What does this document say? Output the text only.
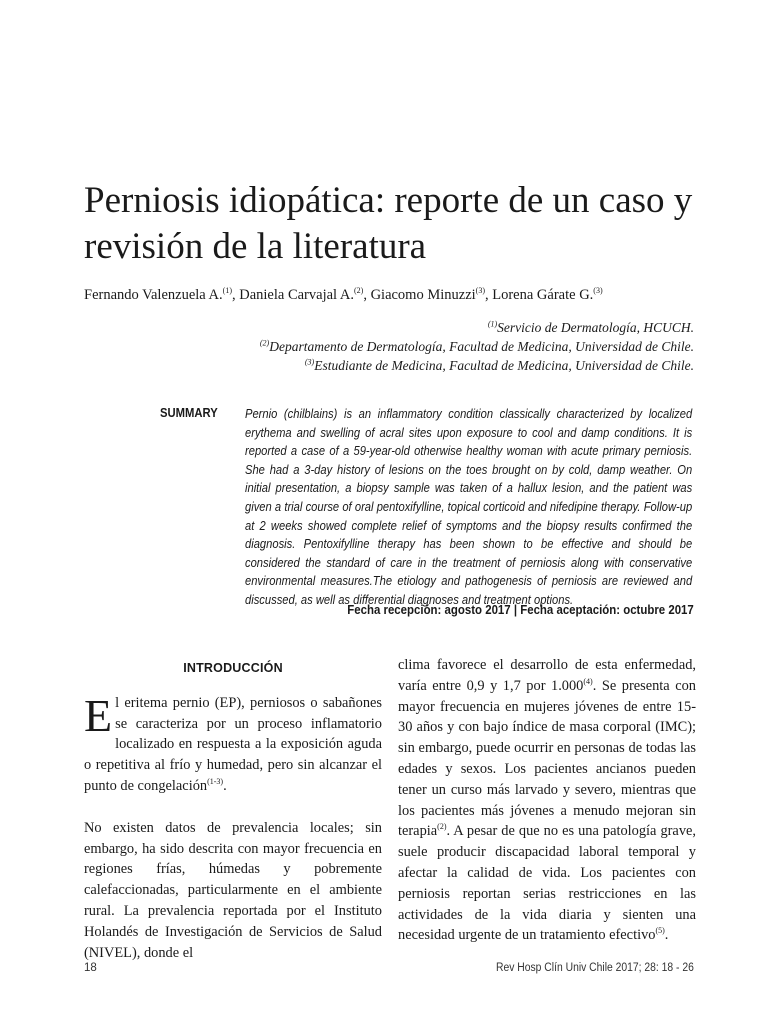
Perniosis idiopática: reporte de un caso y revisión de la literatura
Fernando Valenzuela A.$^{(1)}$, Daniela Carvajal A.$^{(2)}$, Giacomo Minuzzi$^{(3)}$, Lorena Gárate G.$^{(3)}$
$^{(1)}$Servicio de Dermatología, HCUCH.
$^{(2)}$Departamento de Dermatología, Facultad de Medicina, Universidad de Chile.
$^{(3)}$Estudiante de Medicina, Facultad de Medicina, Universidad de Chile.
SUMMARY Pernio (chilblains) is an inflammatory condition classically characterized by localized erythema and swelling of acral sites upon exposure to cool and damp conditions. It is reported a case of a 59-year-old otherwise healthy woman with acute primary perniosis. She had a 3-day history of lesions on the toes brought on by cold, damp weather. On initial presentation, a biopsy sample was taken of a hallux lesion, and the patient was given a trial course of oral pentoxifylline, topical corticoid and nifedipine therapy. Follow-up at 2 weeks showed complete relief of symptoms and the biopsy results confirmed the diagnosis. Pentoxifylline therapy has been shown to be effective and should be considered the standard of care in the treatment of perniosis along with conservative environmental measures.The etiology and pathogenesis of perniosis are reviewed and discussed, as well as differential diagnoses and treatment options.
Fecha recepción: agosto 2017 | Fecha aceptación: octubre 2017
INTRODUCCIÓN

El eritema pernio (EP), perniosos o sabañones se caracteriza por un proceso inflamatorio localizado en respuesta a la exposición aguda o repetitiva al frío y humedad, pero sin alcanzar el punto de congelación$^{(1-3)}$.

No existen datos de prevalencia locales; sin embargo, ha sido descrita con mayor frecuencia en regiones frías, húmedas y pobremente calefaccionadas, particularmente en el ambiente rural. La prevalencia reportada por el Instituto Holandés de Investigación de Servicios de Salud (NIVEL), donde el

clima favorece el desarrollo de esta enfermedad, varía entre 0,9 y 1,7 por 1.000$^{(4)}$. Se presenta con mayor frecuencia en mujeres jóvenes de entre 15-30 años y con bajo índice de masa corporal (IMC); sin embargo, puede ocurrir en personas de todas las edades y sexos. Los pacientes ancianos pueden tener un curso más larvado y severo, mientras que los pacientes más jóvenes a menudo mejoran sin terapia$^{(2)}$. A pesar de que no es una patología grave, suele producir discapacidad laboral temporal y afectar la calidad de vida. Los pacientes con perniosis reportan serias restricciones en las actividades de la vida diaria y sienten una necesidad urgente de un tratamiento efectivo$^{(5)}$.

18	Rev Hosp Clín Univ Chile 2017; 28: 18 - 26
